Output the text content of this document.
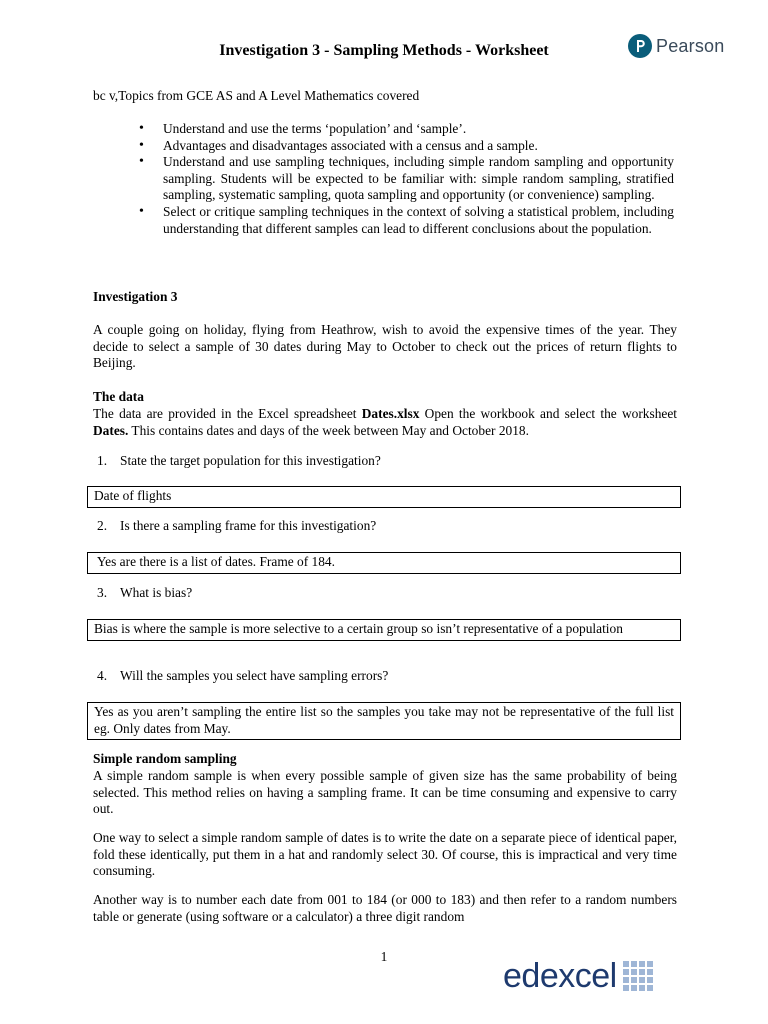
Investigation 3 - Sampling Methods - Worksheet	Pearson
bc v,Topics from GCE AS and A Level Mathematics covered
• Understand and use the terms ‘population’ and ‘sample’.
• Advantages and disadvantages associated with a census and a sample.
• Understand and use sampling techniques, including simple random sampling and opportunity sampling. Students will be expected to be familiar with: simple random sampling, stratified sampling, systematic sampling, quota sampling and opportunity (or convenience) sampling.
• Select or critique sampling techniques in the context of solving a statistical problem, including understanding that different samples can lead to different conclusions about the population.
Investigation 3
A couple going on holiday, flying from Heathrow, wish to avoid the expensive times of the year. They decide to select a sample of 30 dates during May to October to check out the prices of return flights to Beijing.
The data
The data are provided in the Excel spreadsheet Dates.xlsx Open the workbook and select the worksheet Dates. This contains dates and days of the week between May and October 2018.
1. State the target population for this investigation?
Date of flights
2. Is there a sampling frame for this investigation?
Yes are there is a list of dates. Frame of 184.
3. What is bias?
Bias is where the sample is more selective to a certain group so isn’t representative of a population
4. Will the samples you select have sampling errors?
Yes as you aren’t sampling the entire list so the samples you take may not be representative of the full list eg. Only dates from May.
Simple random sampling
A simple random sample is when every possible sample of given size has the same probability of being selected. This method relies on having a sampling frame. It can be time consuming and expensive to carry out.
One way to select a simple random sample of dates is to write the date on a separate piece of identical paper, fold these identically, put them in a hat and randomly select 30. Of course, this is impractical and very time consuming.
Another way is to number each date from 001 to 184 (or 000 to 183) and then refer to a random numbers table or generate (using software or a calculator) a three digit random
1
edexcel
